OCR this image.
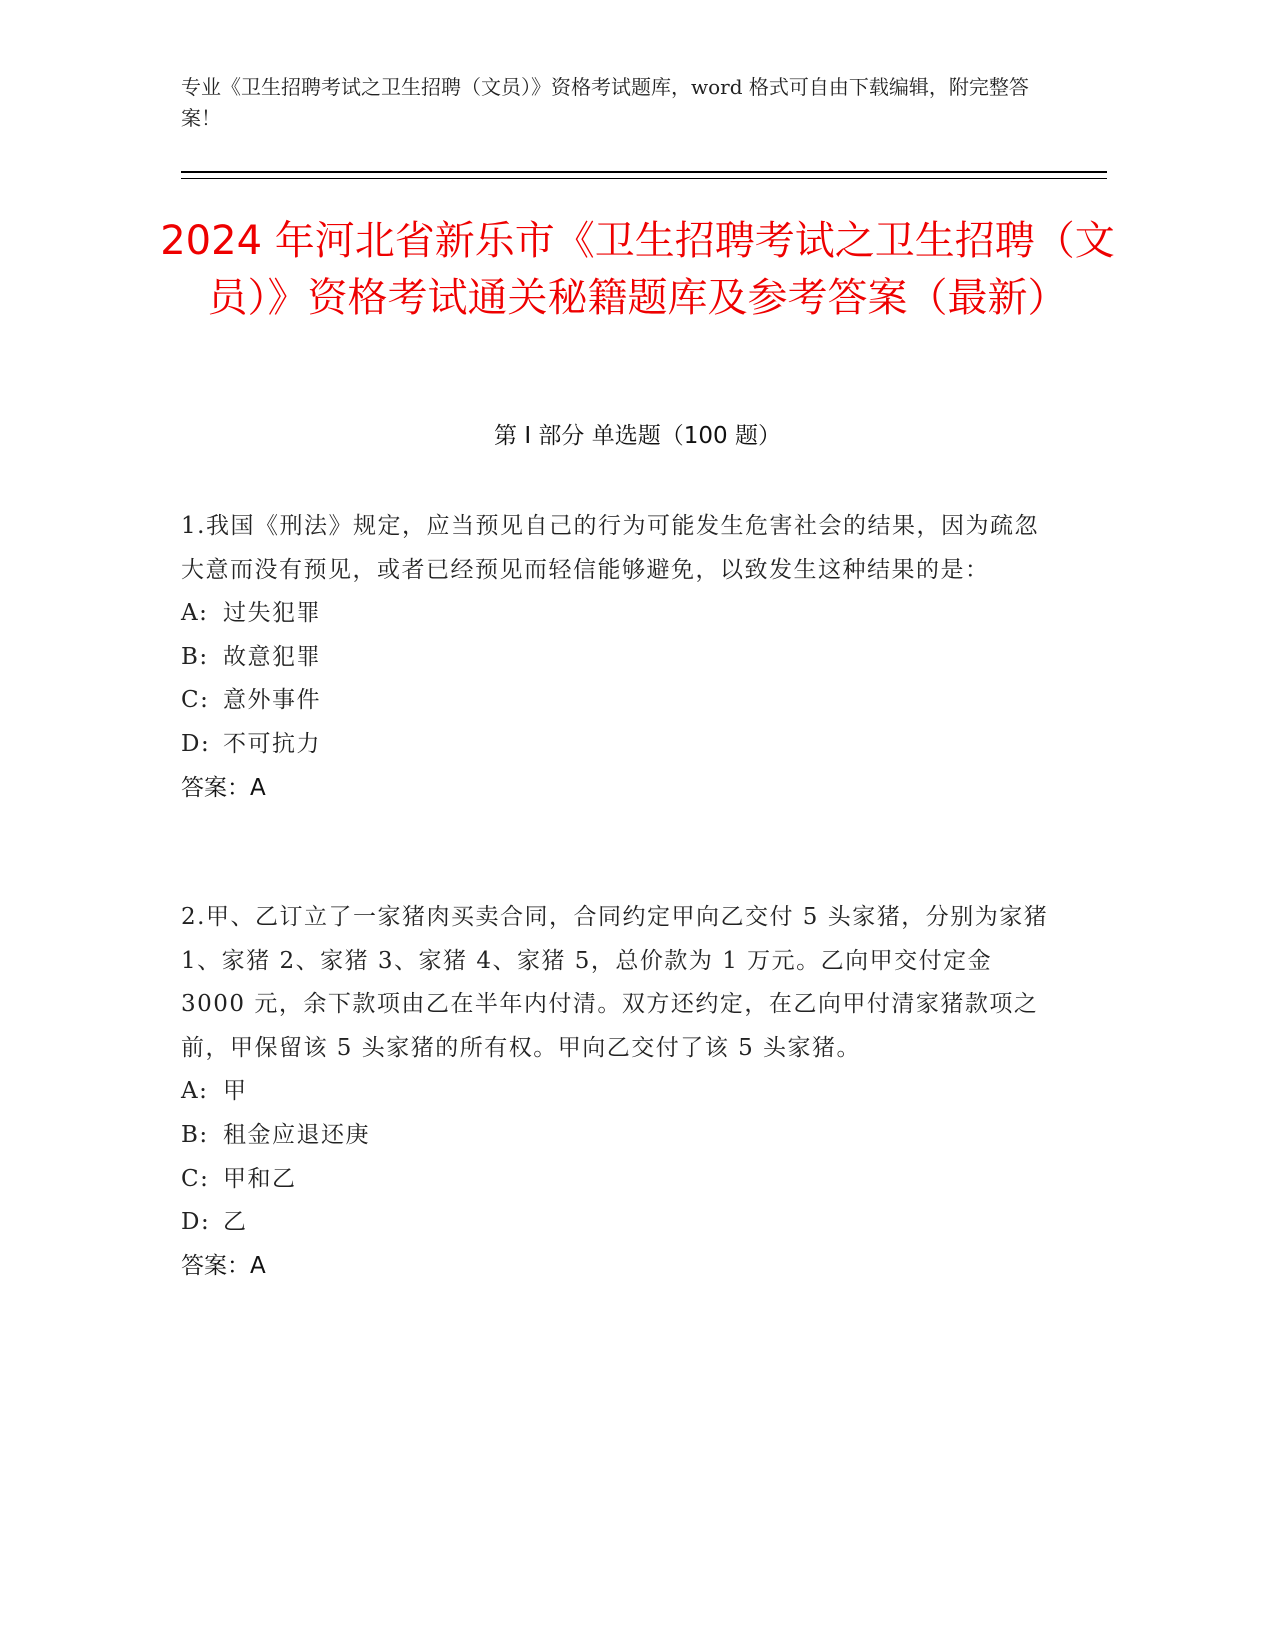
专业《卫生招聘考试之卫生招聘（文员）》资格考试题库，word 格式可自由下载编辑，附完整答案！
2024 年河北省新乐市《卫生招聘考试之卫生招聘（文员）》资格考试通关秘籍题库及参考答案（最新）
第 I 部分 单选题（100 题）

1.我国《刑法》规定，应当预见自己的行为可能发生危害社会的结果，因为疏忽大意而没有预见，或者已经预见而轻信能够避免，以致发生这种结果的是：

A: 过失犯罪
B: 故意犯罪
C: 意外事件
D: 不可抗力
答案：A

2.甲、乙订立了一家猪肉买卖合同，合同约定甲向乙交付 5 头家猪，分别为家猪 1、家猪 2、家猪 3、家猪 4、家猪 5，总价款为 1 万元。乙向甲交付定金 3000 元，余下款项由乙在半年内付清。双方还约定，在乙向甲付清家猪款项之前，甲保留该 5 头家猪的所有权。甲向乙交付了该 5 头家猪。

A: 甲
B: 租金应退还庚
C: 甲和乙
D: 乙
答案：A
